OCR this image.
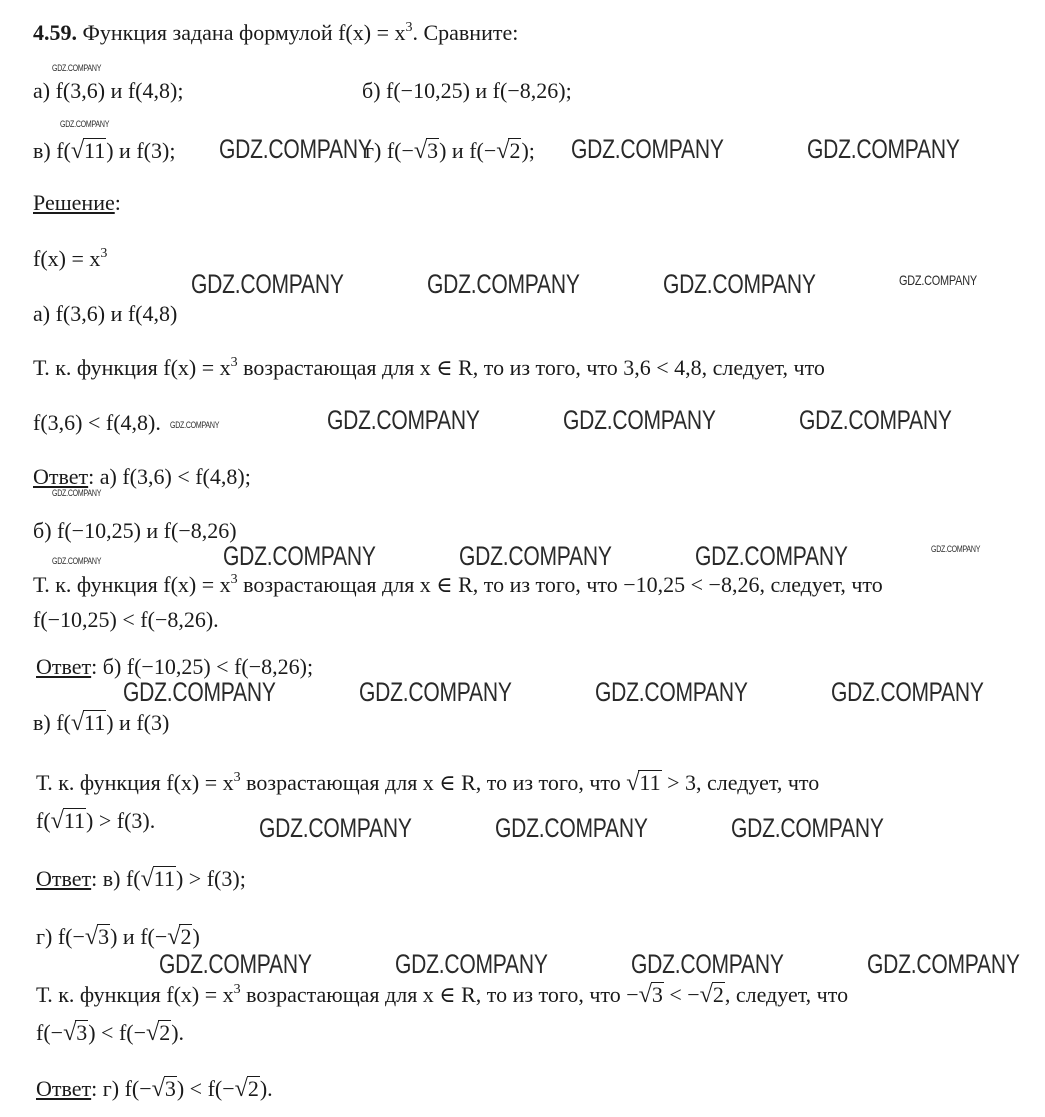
4.59. Функция задана формулой $f(x) = x^3$. Сравните:
а) f(3,6) и f(4,8);	б) f(−10,25) и f(−8,26);
в) f(√11) и f(3);	г) f(−√3) и f(−√2);
Решение:
$f(x) = x^3$
а) f(3,6) и f(4,8)
Т. к. функция $f(x) = x^3$ возрастающая для x ∈ R, то из того, что 3,6 < 4,8, следует, что
f(3,6) < f(4,8).
Ответ: а) f(3,6) < f(4,8);
б) f(−10,25) и f(−8,26)
Т. к. функция $f(x) = x^3$ возрастающая для x ∈ R, то из того, что −10,25 < −8,26, следует, что
f(−10,25) < f(−8,26).
Ответ: б) f(−10,25) < f(−8,26);
в) f(√11) и f(3)
Т. к. функция $f(x) = x^3$ возрастающая для x ∈ R, то из того, что √11 > 3, следует, что
f(√11) > f(3).
Ответ: в) f(√11) > f(3);
г) f(−√3) и f(−√2)
Т. к. функция $f(x) = x^3$ возрастающая для x ∈ R, то из того, что −√3 < −√2, следует, что
f(−√3) < f(−√2).
Ответ: г) f(−√3) < f(−√2).
GDZ.COMPANY
GDZ.COMPANY
GDZ.COMPANY	GDZ.COMPANY	GDZ.COMPANY
GDZ.COMPANY	GDZ.COMPANY	GDZ.COMPANY	GDZ.COMPANY
GDZ.COMPANY	GDZ.COMPANY	GDZ.COMPANY	GDZ.COMPANY
GDZ.COMPANY
GDZ.COMPANY	GDZ.COMPANY	GDZ.COMPANY	GDZ.COMPANY	GDZ.COMPANY
GDZ.COMPANY	GDZ.COMPANY	GDZ.COMPANY	GDZ.COMPANY
GDZ.COMPANY	GDZ.COMPANY	GDZ.COMPANY
GDZ.COMPANY	GDZ.COMPANY	GDZ.COMPANY	GDZ.COMPANY
